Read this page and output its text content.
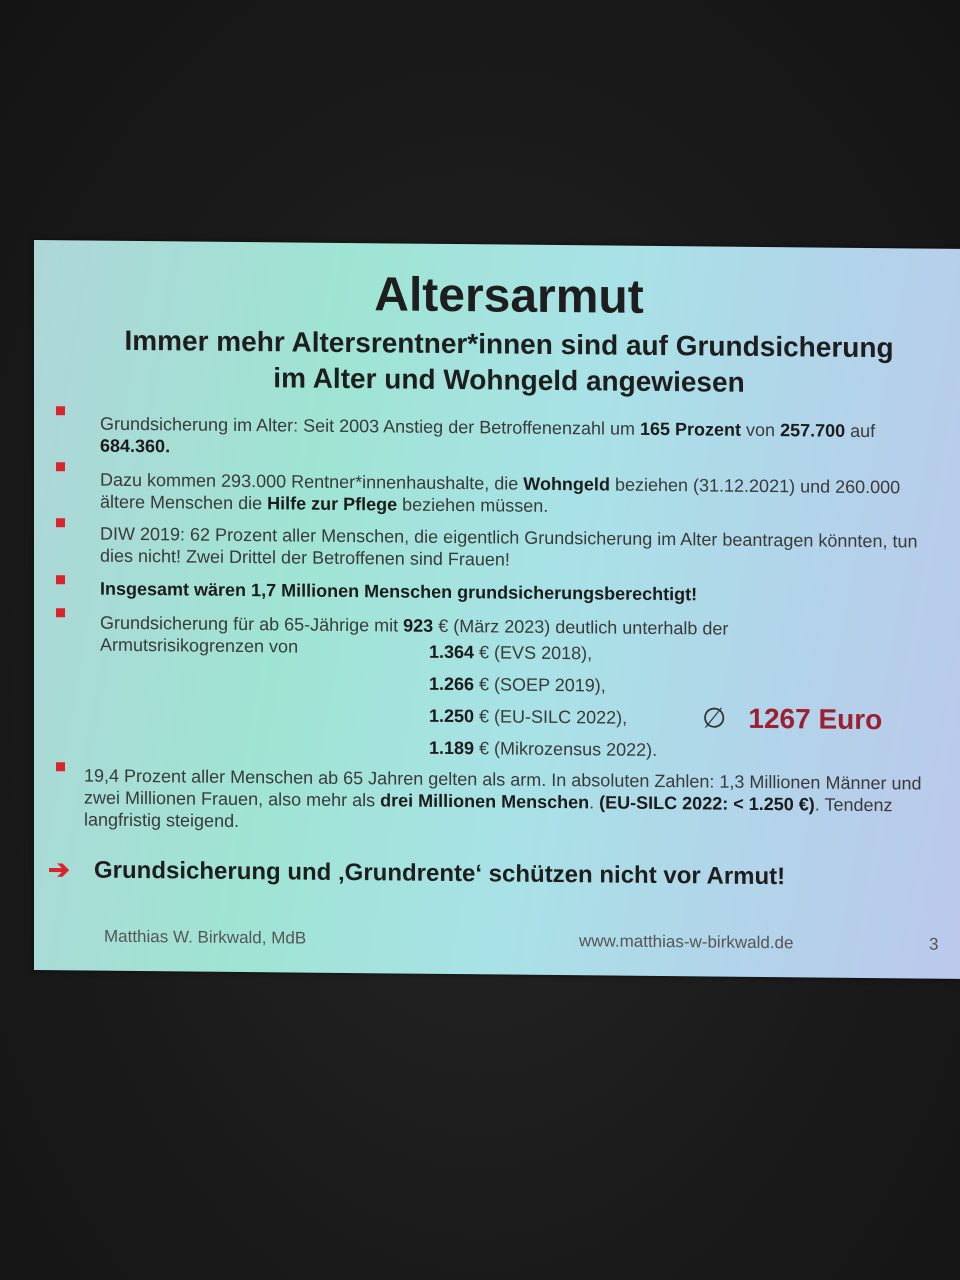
Altersarmut
Immer mehr Altersrentner*innen sind auf Grundsicherung
im Alter und Wohngeld angewiesen
Grundsicherung im Alter: Seit 2003 Anstieg der Betroffenenzahl um 165 Prozent von 257.700 auf 684.360.
Dazu kommen 293.000 Rentner*innenhaushalte, die Wohngeld beziehen (31.12.2021) und 260.000 ältere Menschen die Hilfe zur Pflege beziehen müssen.
DIW 2019: 62 Prozent aller Menschen, die eigentlich Grundsicherung im Alter beantragen könnten, tun dies nicht! Zwei Drittel der Betroffenen sind Frauen!
Insgesamt wären 1,7 Millionen Menschen grundsicherungsberechtigt!
Grundsicherung für ab 65-Jährige mit 923 € (März 2023) deutlich unterhalb der
Armutsrisikogrenzen von	1.364 € (EVS 2018),
1.266 € (SOEP 2019),
1.250 € (EU-SILC 2022),
1.189 € (Mikrozensus 2022).
∅ 1267 Euro
19,4 Prozent aller Menschen ab 65 Jahren gelten als arm. In absoluten Zahlen: 1,3 Millionen Männer und zwei Millionen Frauen, also mehr als drei Millionen Menschen. (EU-SILC 2022: < 1.250 €). Tendenz langfristig steigend.
➔ Grundsicherung und ‚Grundrente‘ schützen nicht vor Armut!
Matthias W. Birkwald, MdB	www.matthias-w-birkwald.de	3
